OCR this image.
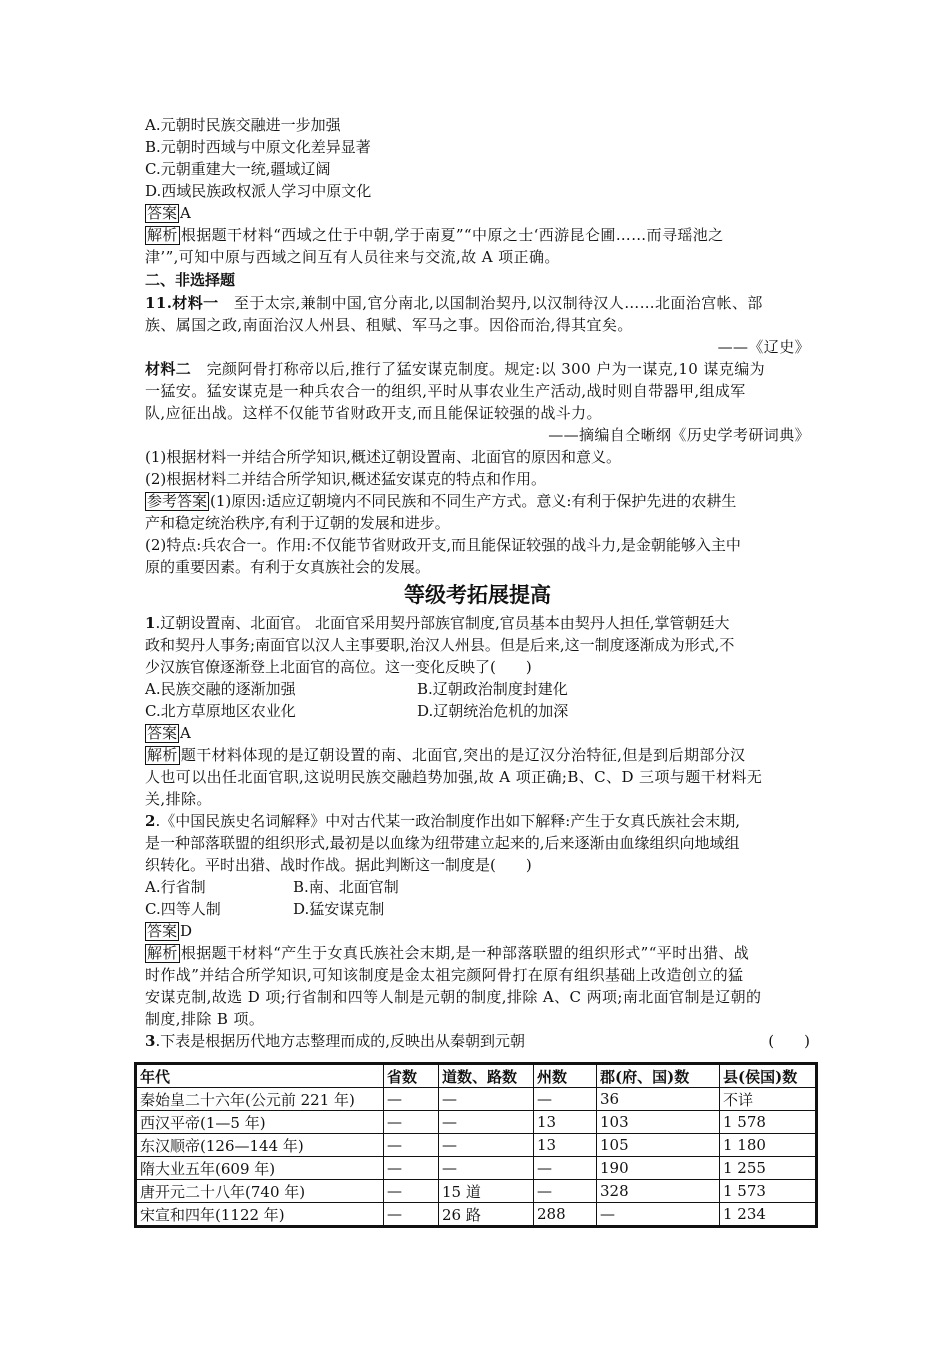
A.元朝时民族交融进一步加强
B.元朝时西域与中原文化差异显著
C.元朝重建大一统,疆域辽阔
D.西域民族政权派人学习中原文化
答案 A
解析 根据题干材料“西域之仕于中朝,学于南夏”“中原之士‘西游昆仑圃……而寻瑶池之
津’”,可知中原与西域之间互有人员往来与交流,故 A 项正确。
二、非选择题
11.材料一　至于太宗,兼制中国,官分南北,以国制治契丹,以汉制待汉人……北面治宫帐、部
族、属国之政,南面治汉人州县、租赋、军马之事。因俗而治,得其宜矣。
——《辽史》
材料二　完颜阿骨打称帝以后,推行了猛安谋克制度。规定:以 300 户为一谋克,10 谋克编为
一猛安。猛安谋克是一种兵农合一的组织,平时从事农业生产活动,战时则自带器甲,组成军
队,应征出战。这样不仅能节省财政开支,而且能保证较强的战斗力。
——摘编自仝晰纲《历史学考研词典》
(1)根据材料一并结合所学知识,概述辽朝设置南、北面官的原因和意义。
(2)根据材料二并结合所学知识,概述猛安谋克的特点和作用。
参考答案 (1)原因:适应辽朝境内不同民族和不同生产方式。意义:有利于保护先进的农耕生
产和稳定统治秩序,有利于辽朝的发展和进步。
(2)特点:兵农合一。作用:不仅能节省财政开支,而且能保证较强的战斗力,是金朝能够入主中
原的重要因素。有利于女真族社会的发展。
等级考拓展提高
1.辽朝设置南、北面官。 北面官采用契丹部族官制度,官员基本由契丹人担任,掌管朝廷大
政和契丹人事务;南面官以汉人主事要职,治汉人州县。但是后来,这一制度逐渐成为形式,不
少汉族官僚逐渐登上北面官的高位。这一变化反映了(　　)
A.民族交融的逐渐加强	B.辽朝政治制度封建化
C.北方草原地区农业化	D.辽朝统治危机的加深
答案 A
解析 题干材料体现的是辽朝设置的南、北面官,突出的是辽汉分治特征,但是到后期部分汉
人也可以出任北面官职,这说明民族交融趋势加强,故 A 项正确;B、C、D 三项与题干材料无
关,排除。
2.《中国民族史名词解释》中对古代某一政治制度作出如下解释:产生于女真氏族社会末期,
是一种部落联盟的组织形式,最初是以血缘为纽带建立起来的,后来逐渐由血缘组织向地域组
织转化。平时出猎、战时作战。据此判断这一制度是(　　)
A.行省制	B.南、北面官制
C.四等人制	D.猛安谋克制
答案 D
解析 根据题干材料“产生于女真氏族社会末期,是一种部落联盟的组织形式”“平时出猎、战
时作战”并结合所学知识,可知该制度是金太祖完颜阿骨打在原有组织基础上改造创立的猛
安谋克制,故选 D 项;行省制和四等人制是元朝的制度,排除 A、C 两项;南北面官制是辽朝的
制度,排除 B 项。
3.下表是根据历代地方志整理而成的,反映出从秦朝到元朝	(　　)
年代	省数	道数、路数	州数	郡(府、国)数	县(侯国)数
秦始皇二十六年(公元前 221 年)	—	—	—	36	不详
西汉平帝(1—5 年)	—	—	13	103	1 578
东汉顺帝(126—144 年)	—	—	13	105	1 180
隋大业五年(609 年)	—	—	—	190	1 255
唐开元二十八年(740 年)	—	15 道	—	328	1 573
宋宣和四年(1122 年)	—	26 路	288	—	1 234
